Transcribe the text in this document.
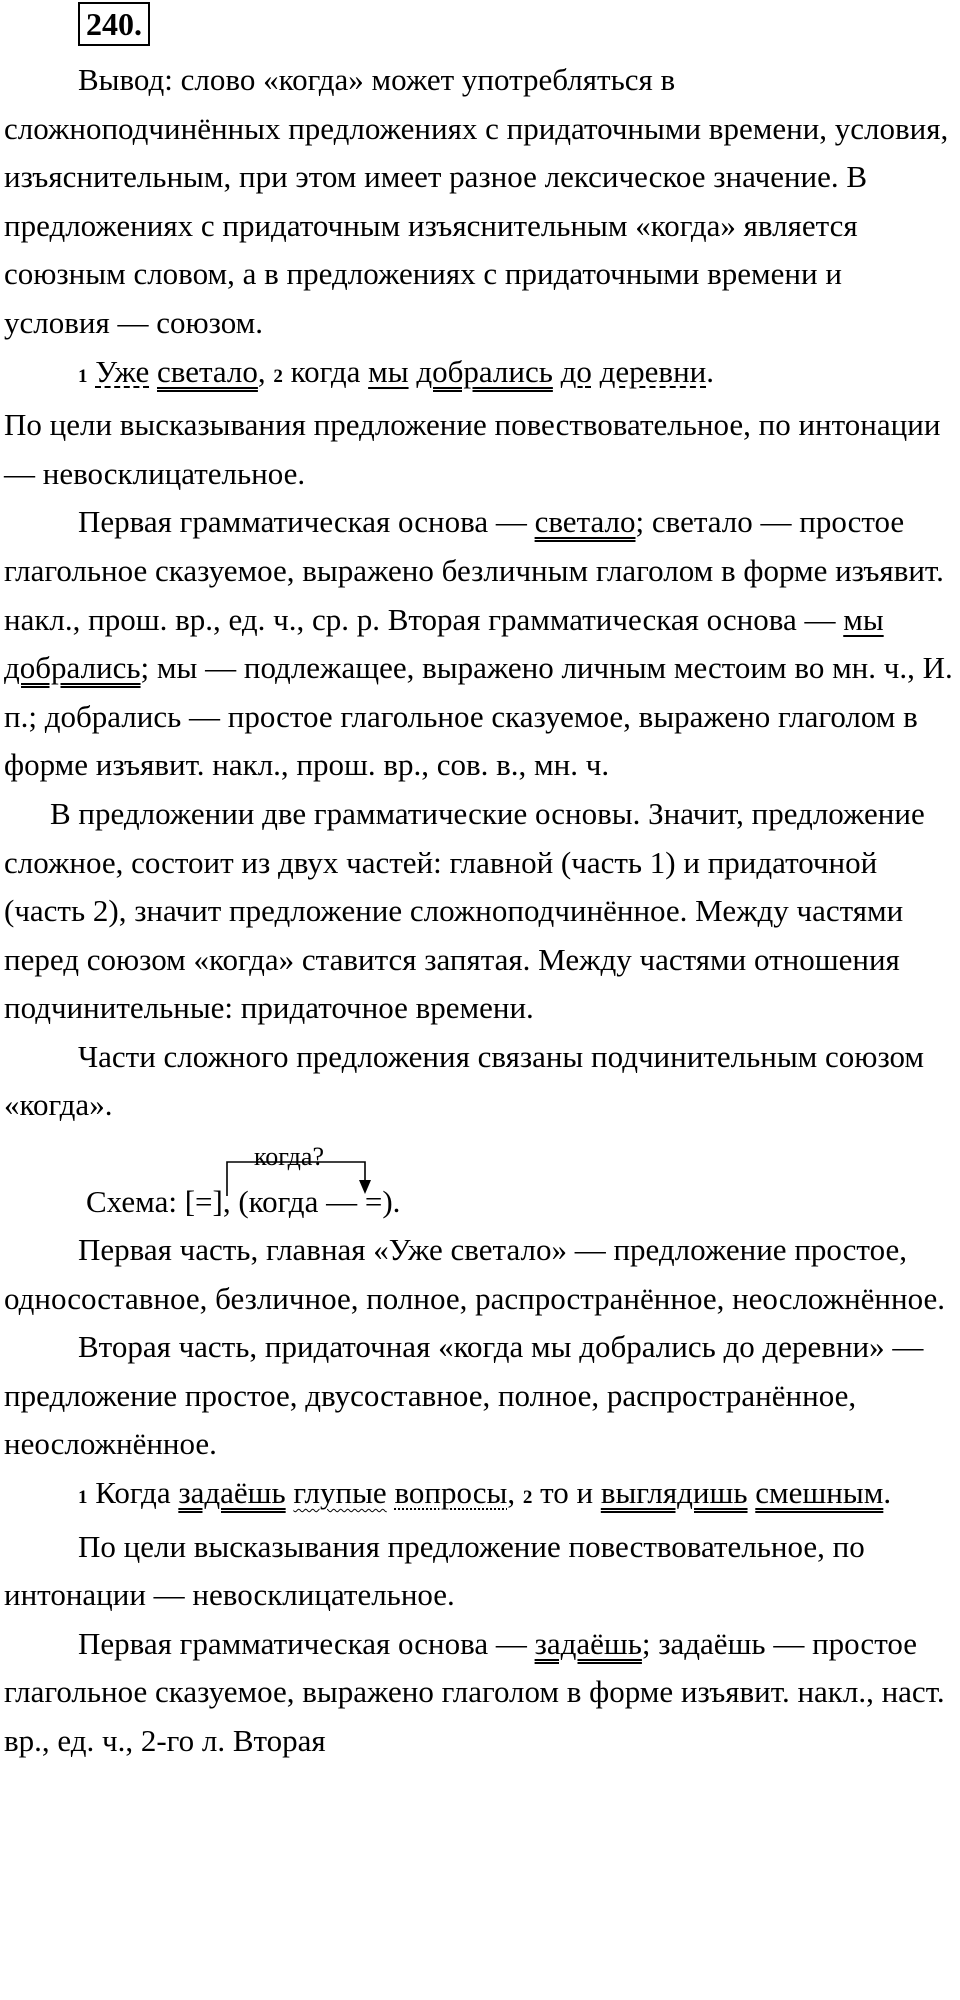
240.

Вывод: слово «когда» может употребляться в сложноподчинённых предложениях с придаточными времени, условия, изъяснительным, при этом имеет разное лексическое значение. В предложениях с придаточным изъяснительным «когда» является союзным словом, а в предложениях с придаточными времени и условия — союзом.

1 Уже светало, 2 когда мы добрались до деревни.

По цели высказывания предложение повествовательное, по интонации — невосклицательное.

Первая грамматическая основа — светало; светало — простое глагольное сказуемое, выражено безличным глаголом в форме изъявит. накл., прош. вр., ед. ч., ср. р. Вторая грамматическая основа — мы добрались; мы — подлежащее, выражено личным местоим во мн. ч., И. п.; добрались — простое глагольное сказуемое, выражено глаголом в форме изъявит. накл., прош. вр., сов. в., мн. ч.

В предложении две грамматические основы. Значит, предложение сложное, состоит из двух частей: главной (часть 1) и придаточной (часть 2), значит предложение сложноподчинённое. Между частями перед союзом «когда» ставится запятая. Между частями отношения подчинительные: придаточное времени.

Части сложного предложения связаны подчинительным союзом «когда».

когда?
Схема: [=], (когда — =).

Первая часть, главная «Уже светало» — предложение простое, односоставное, безличное, полное, распространённое, неосложнённое.

Вторая часть, придаточная «когда мы добрались до деревни» — предложение простое, двусоставное, полное, распространённое, неосложнённое.

1 Когда задаёшь глупые вопросы, 2 то и выглядишь смешным.

По цели высказывания предложение повествовательное, по интонации — невосклицательное.

Первая грамматическая основа — задаёшь; задаёшь — простое глагольное сказуемое, выражено глаголом в форме изъявит. накл., наст. вр., ед. ч., 2-го л. Вторая
